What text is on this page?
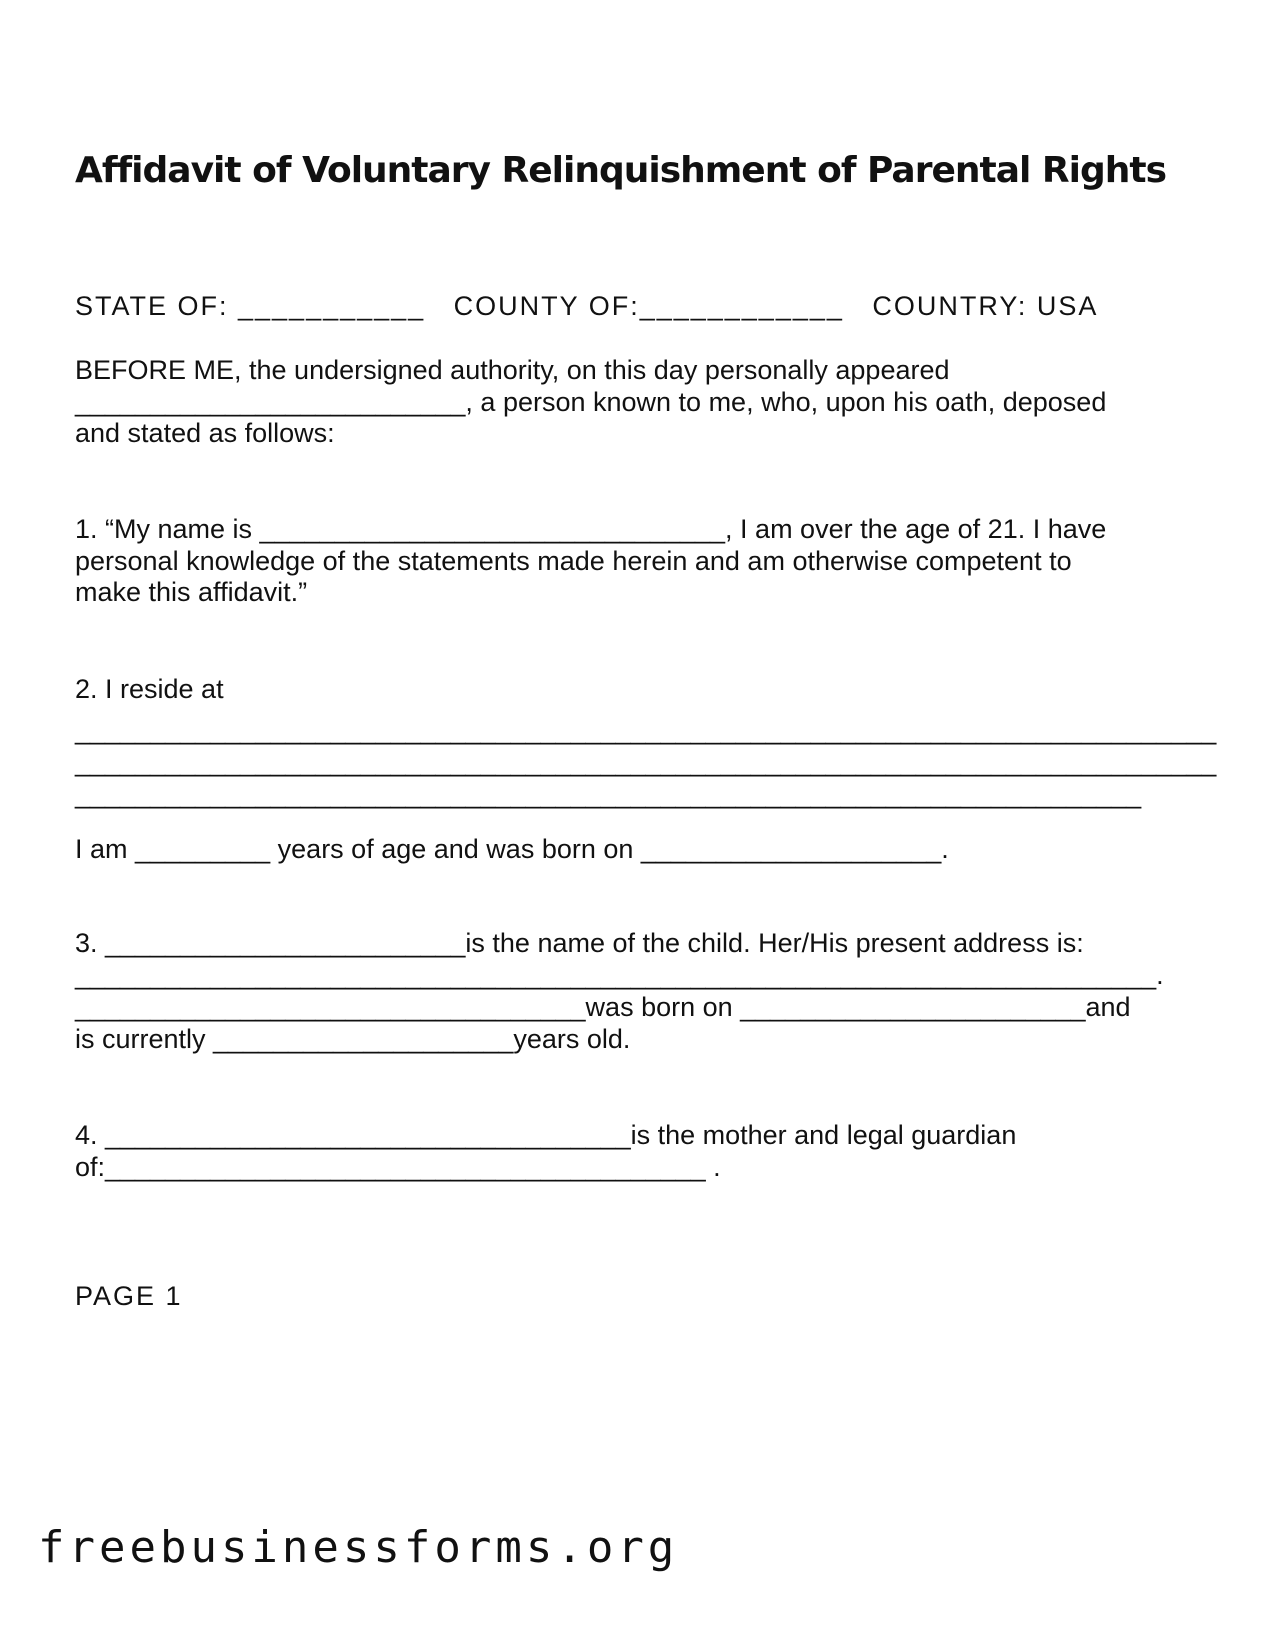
Affidavit of Voluntary Relinquishment of Parental Rights

STATE OF: ___________   COUNTY OF:____________   COUNTRY: USA

BEFORE ME, the undersigned authority, on this day personally appeared

__________________________, a person known to me, who, upon his oath, deposed

and stated as follows:

1. “My name is _______________________________, I am over the age of 21. I have

personal knowledge of the statements made herein and am otherwise competent to

make this affidavit.”

2. I reside at

____________________________________________________________________________

____________________________________________________________________________

_______________________________________________________________________

I am _________ years of age and was born on ____________________.

3. ________________________is the name of the child. Her/His present address is:

________________________________________________________________________.

__________________________________was born on _______________________and

is currently ____________________years old.

4. ___________________________________is the mother and legal guardian

of:________________________________________ .

PAGE 1

freebusinessforms.org
